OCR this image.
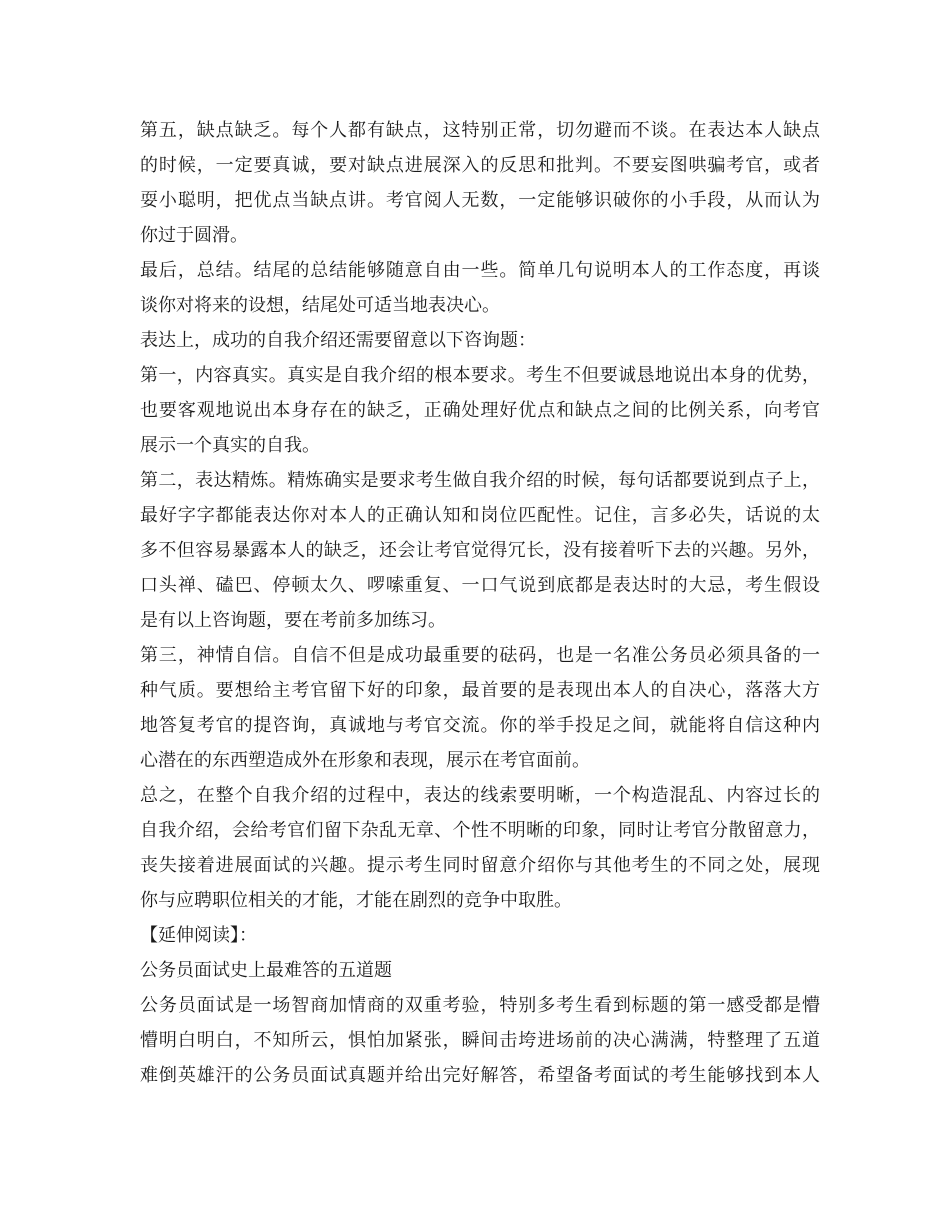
第五，缺点缺乏。每个人都有缺点，这特别正常，切勿避而不谈。在表达本人缺点
的时候，一定要真诚，要对缺点进展深入的反思和批判。不要妄图哄骗考官，或者
耍小聪明，把优点当缺点讲。考官阅人无数，一定能够识破你的小手段，从而认为
你过于圆滑。
最后，总结。结尾的总结能够随意自由一些。简单几句说明本人的工作态度，再谈
谈你对将来的设想，结尾处可适当地表决心。
表达上，成功的自我介绍还需要留意以下咨询题：
第一，内容真实。真实是自我介绍的根本要求。考生不但要诚恳地说出本身的优势，
也要客观地说出本身存在的缺乏，正确处理好优点和缺点之间的比例关系，向考官
展示一个真实的自我。
第二，表达精炼。精炼确实是要求考生做自我介绍的时候，每句话都要说到点子上，
最好字字都能表达你对本人的正确认知和岗位匹配性。记住，言多必失，话说的太
多不但容易暴露本人的缺乏，还会让考官觉得冗长，没有接着听下去的兴趣。另外，
口头禅、磕巴、停顿太久、啰嗦重复、一口气说到底都是表达时的大忌，考生假设
是有以上咨询题，要在考前多加练习。
第三，神情自信。自信不但是成功最重要的砝码，也是一名准公务员必须具备的一
种气质。要想给主考官留下好的印象，最首要的是表现出本人的自决心，落落大方
地答复考官的提咨询，真诚地与考官交流。你的举手投足之间，就能将自信这种内
心潜在的东西塑造成外在形象和表现，展示在考官面前。
总之，在整个自我介绍的过程中，表达的线索要明晰，一个构造混乱、内容过长的
自我介绍，会给考官们留下杂乱无章、个性不明晰的印象，同时让考官分散留意力，
丧失接着进展面试的兴趣。提示考生同时留意介绍你与其他考生的不同之处，展现
你与应聘职位相关的才能，才能在剧烈的竞争中取胜。
【延伸阅读】：
公务员面试史上最难答的五道题
公务员面试是一场智商加情商的双重考验，特别多考生看到标题的第一感受都是懵
懵明白明白，不知所云，惧怕加紧张，瞬间击垮进场前的决心满满，特整理了五道
难倒英雄汗的公务员面试真题并给出完好解答，希望备考面试的考生能够找到本人
